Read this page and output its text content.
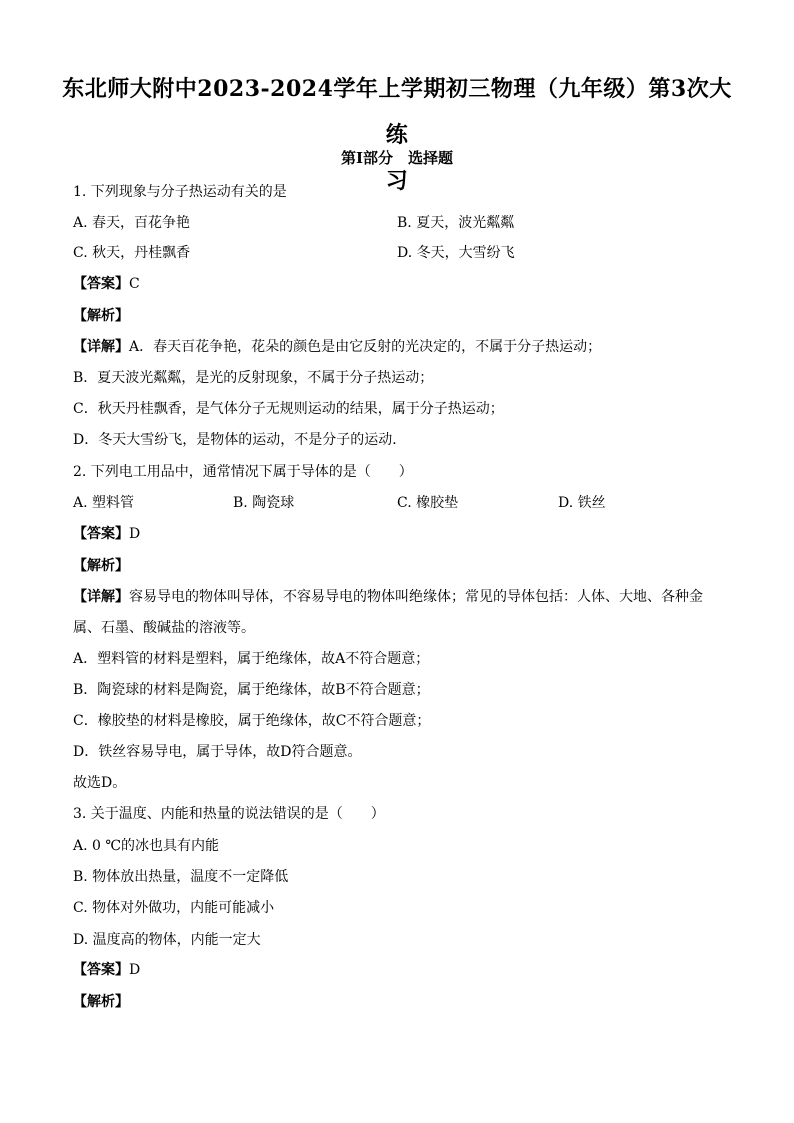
东北师大附中2023-2024学年上学期初三物理（九年级）第3次大练
习
第Ⅰ部分　选择题
1. 下列现象与分子热运动有关的是
A. 春天，百花争艳	B. 夏天，波光粼粼
C. 秋天，丹桂飘香	D. 冬天，大雪纷飞
【答案】C
【解析】
【详解】A．春天百花争艳，花朵的颜色是由它反射的光决定的，不属于分子热运动；
B．夏天波光粼粼，是光的反射现象，不属于分子热运动；
C．秋天丹桂飘香，是气体分子无规则运动的结果，属于分子热运动；
D．冬天大雪纷飞，是物体的运动，不是分子的运动．
2. 下列电工用品中，通常情况下属于导体的是（　　）
A. 塑料管	B. 陶瓷球	C. 橡胶垫	D. 铁丝
【答案】D
【解析】
【详解】容易导电的物体叫导体，不容易导电的物体叫绝缘体；常见的导体包括：人体、大地、各种金
属、石墨、酸碱盐的溶液等。
A．塑料管的材料是塑料，属于绝缘体，故A不符合题意；
B．陶瓷球的材料是陶瓷，属于绝缘体，故B不符合题意；
C．橡胶垫的材料是橡胶，属于绝缘体，故C不符合题意；
D．铁丝容易导电，属于导体，故D符合题意。
故选D。
3. 关于温度、内能和热量的说法错误的是（　　）
A. 0 ℃的冰也具有内能
B. 物体放出热量，温度不一定降低
C. 物体对外做功，内能可能减小
D. 温度高的物体，内能一定大
【答案】D
【解析】
